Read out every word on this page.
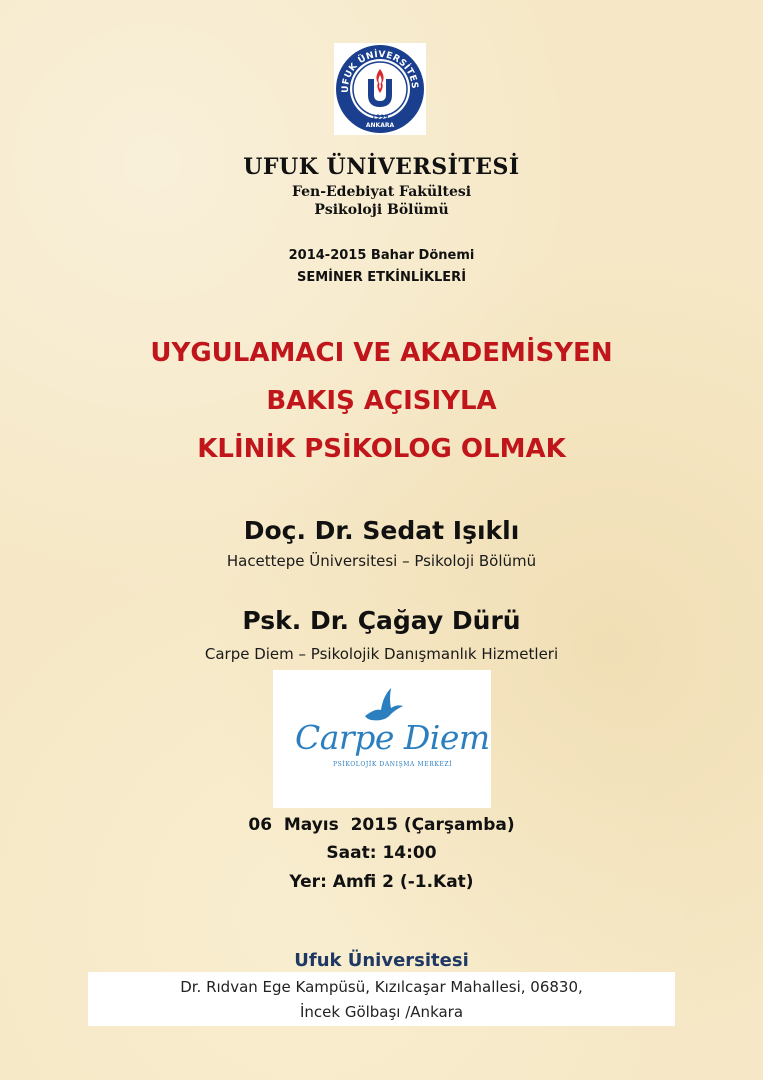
UFUK ÜNİVERSİTES
1999
ANKARA
UFUK ÜNİVERSİTESİ
Fen-Edebiyat Fakültesi
Psikoloji Bölümü
2014-2015 Bahar Dönemi
SEMİNER ETKİNLİKLERİ
UYGULAMACI VE AKADEMİSYEN
BAKIŞ AÇISIYLA
KLİNİK PSİKOLOG OLMAK
Doç. Dr. Sedat Işıklı
Hacettepe Üniversitesi – Psikoloji Bölümü
Psk. Dr. Çağay Dürü
Carpe Diem – Psikolojik Danışmanlık Hizmetleri
Carpe Diem
PSİKOLOJİK DANIŞMA MERKEZİ
06  Mayıs  2015 (Çarşamba)
Saat: 14:00
Yer: Amfi 2 (-1.Kat)
Ufuk Üniversitesi
Dr. Rıdvan Ege Kampüsü, Kızılcaşar Mahallesi, 06830,
İncek Gölbaşı /Ankara
